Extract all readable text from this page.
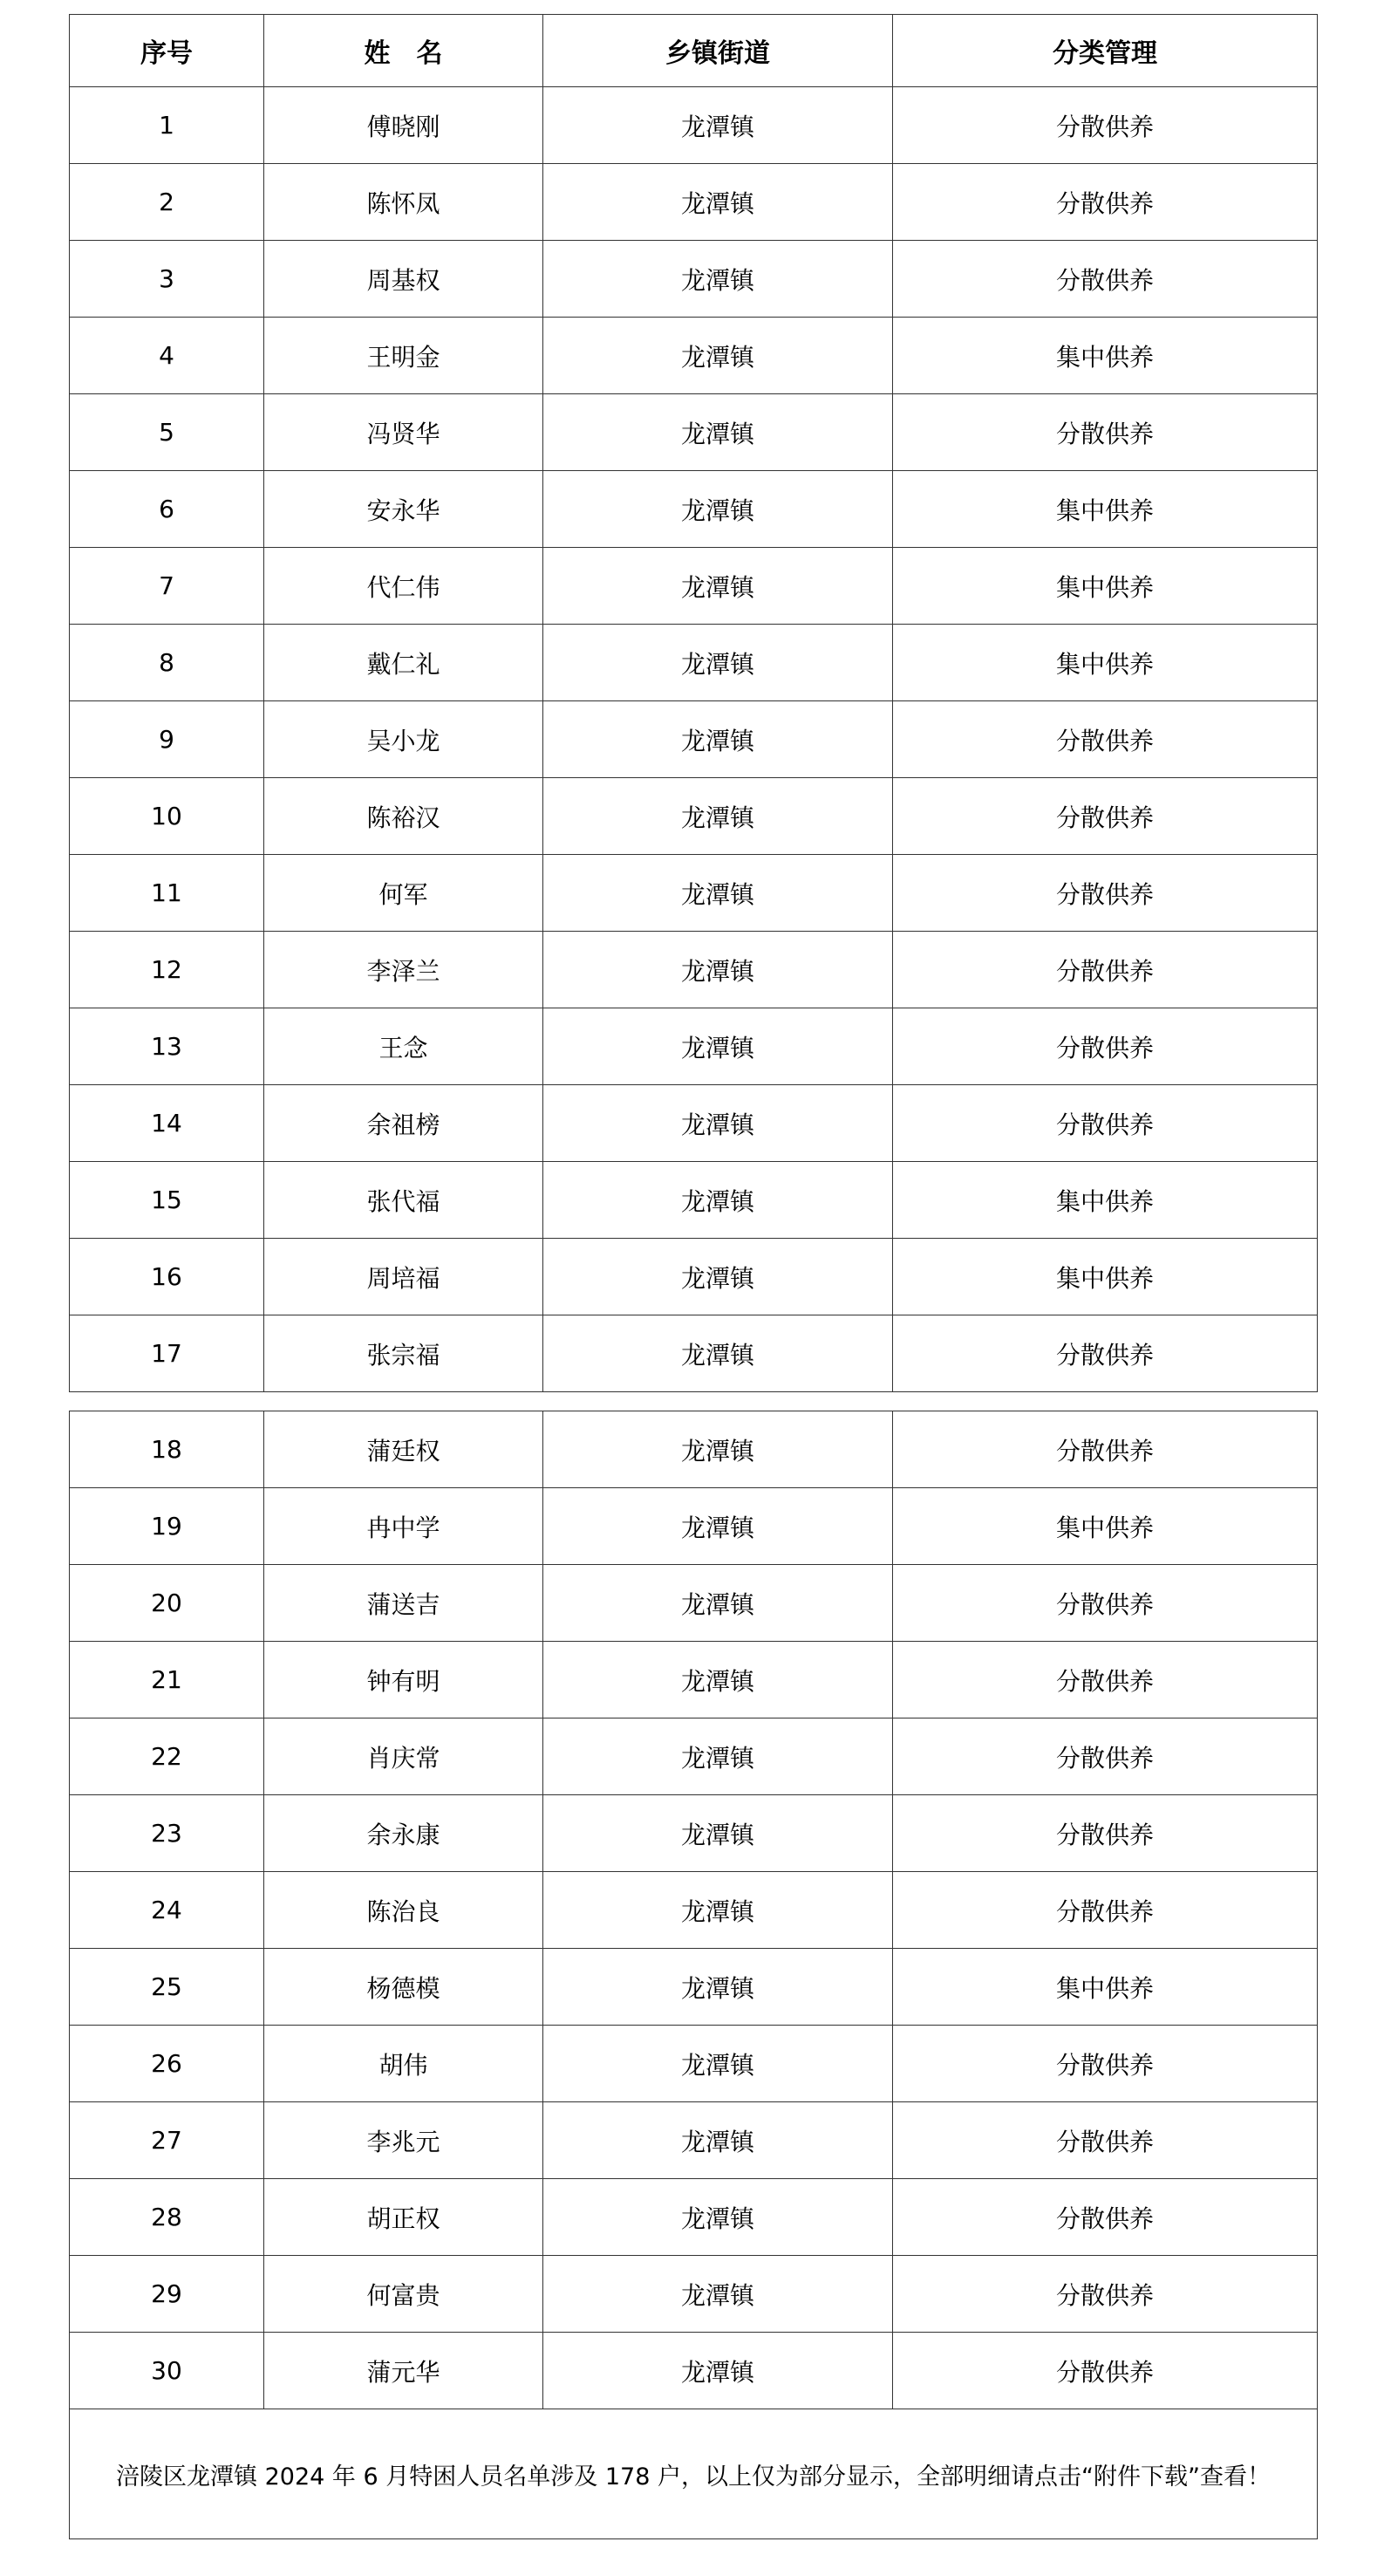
序号	姓　名	乡镇街道	分类管理
1	傅晓刚	龙潭镇	分散供养
2	陈怀凤	龙潭镇	分散供养
3	周基权	龙潭镇	分散供养
4	王明金	龙潭镇	集中供养
5	冯贤华	龙潭镇	分散供养
6	安永华	龙潭镇	集中供养
7	代仁伟	龙潭镇	集中供养
8	戴仁礼	龙潭镇	集中供养
9	吴小龙	龙潭镇	分散供养
10	陈裕汉	龙潭镇	分散供养
11	何军	龙潭镇	分散供养
12	李泽兰	龙潭镇	分散供养
13	王念	龙潭镇	分散供养
14	余祖榜	龙潭镇	分散供养
15	张代福	龙潭镇	集中供养
16	周培福	龙潭镇	集中供养
17	张宗福	龙潭镇	分散供养
18	蒲廷权	龙潭镇	分散供养
19	冉中学	龙潭镇	集中供养
20	蒲送吉	龙潭镇	分散供养
21	钟有明	龙潭镇	分散供养
22	肖庆常	龙潭镇	分散供养
23	余永康	龙潭镇	分散供养
24	陈治良	龙潭镇	分散供养
25	杨德模	龙潭镇	集中供养
26	胡伟	龙潭镇	分散供养
27	李兆元	龙潭镇	分散供养
28	胡正权	龙潭镇	分散供养
29	何富贵	龙潭镇	分散供养
30	蒲元华	龙潭镇	分散供养
涪陵区龙潭镇 2024 年 6 月特困人员名单涉及 178 户，以上仅为部分显示，全部明细请点击“附件下载”查看！			
